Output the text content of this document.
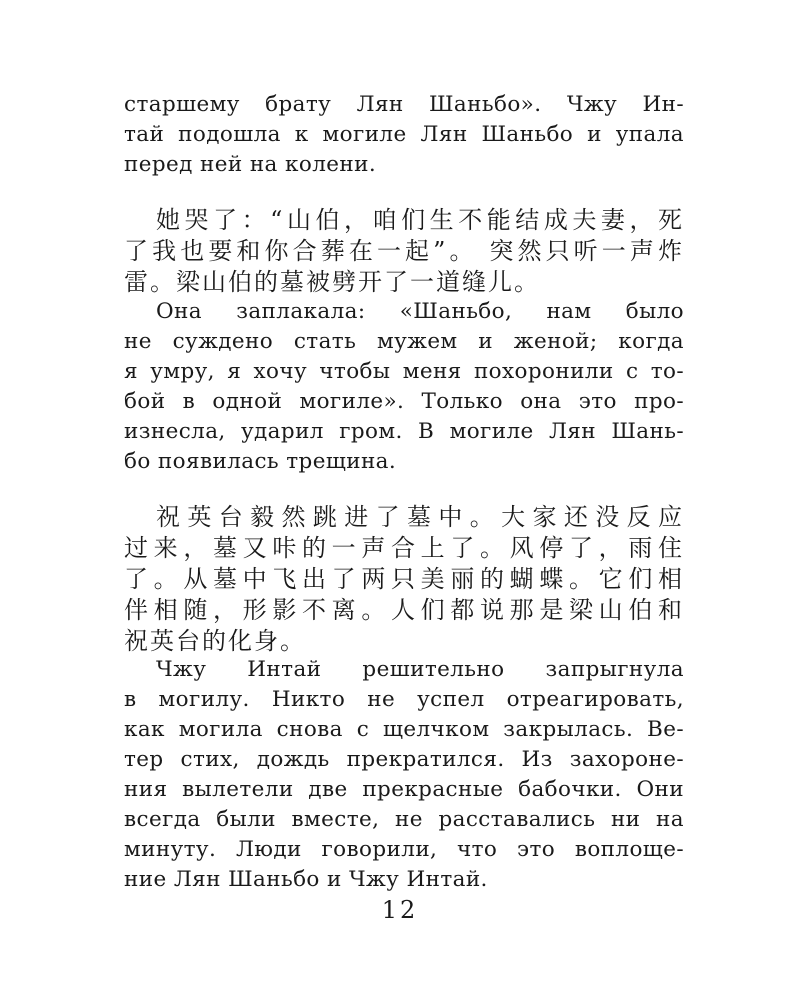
старшему брату Лян Шаньбо». Чжу Ин-
тай подошла к могиле Лян Шаньбо и упала
перед ней на колени.
她哭了：“山伯，咱们生不能结成夫妻，死
了我也要和你合葬在一起”。 突然只听一声炸
雷。梁山伯的墓被劈开了一道缝儿。
Она заплакала: «Шаньбо, нам было
не суждено стать мужем и женой; когда
я умру, я хочу чтобы меня похоронили с то-
бой в одной могиле». Только она это про-
изнесла, ударил гром. В могиле Лян Шань-
бо появилась трещина.
祝英台毅然跳进了墓中。大家还没反应
过来，墓又咔的一声合上了。风停了，雨住
了。从墓中飞出了两只美丽的蝴蝶。它们相
伴相随，形影不离。人们都说那是梁山伯和
祝英台的化身。
Чжу Интай решительно запрыгнула
в могилу. Никто не успел отреагировать,
как могила снова с щелчком закрылась. Ве-
тер стих, дождь прекратился. Из захороне-
ния вылетели две прекрасные бабочки. Они
всегда были вместе, не расставались ни на
минуту. Люди говорили, что это воплоще-
ние Лян Шаньбо и Чжу Интай.
12
